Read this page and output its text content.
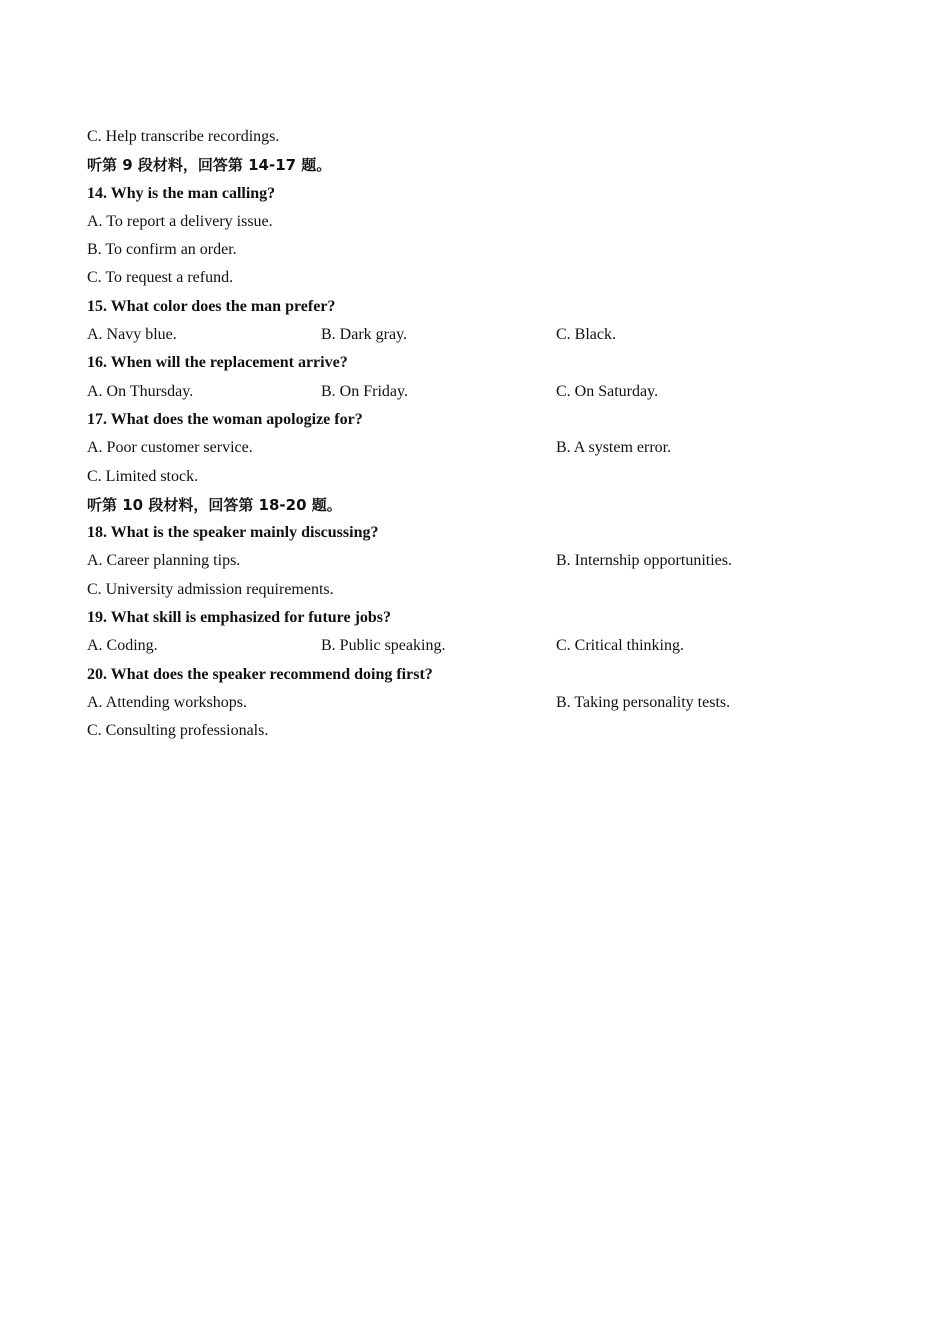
C. Help transcribe recordings.
听第 9 段材料，回答第 14-17 题。
14. Why is the man calling?
A. To report a delivery issue.
B. To confirm an order.
C. To request a refund.
15. What color does the man prefer?
A. Navy blue.	B. Dark gray.	C. Black.
16. When will the replacement arrive?
A. On Thursday.	B. On Friday.	C. On Saturday.
17. What does the woman apologize for?
A. Poor customer service.	B. A system error.
C. Limited stock.
听第 10 段材料，回答第 18-20 题。
18. What is the speaker mainly discussing?
A. Career planning tips.	B. Internship opportunities.
C. University admission requirements.
19. What skill is emphasized for future jobs?
A. Coding.	B. Public speaking.	C. Critical thinking.
20. What does the speaker recommend doing first?
A. Attending workshops.	B. Taking personality tests.
C. Consulting professionals.
